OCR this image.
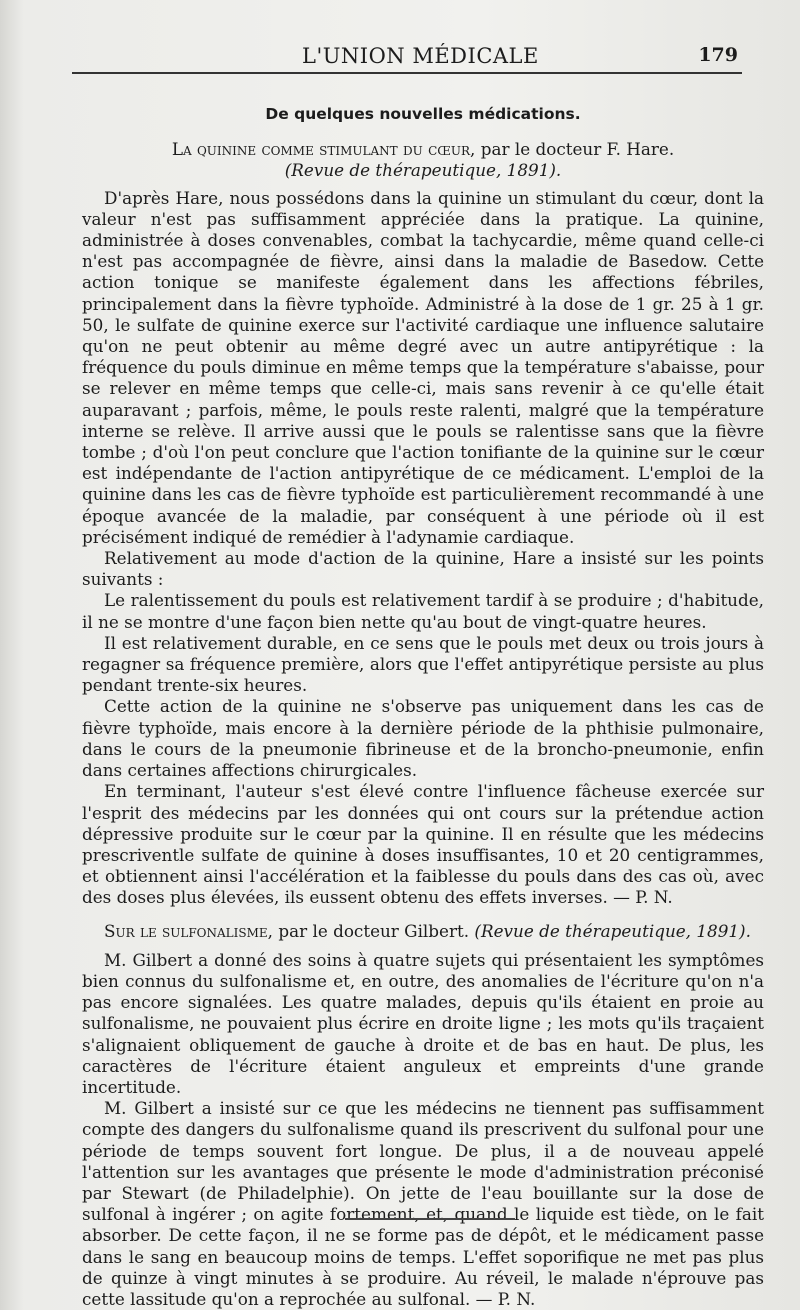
L'UNION MÉDICALE	179
De quelques nouvelles médications.
La quinine comme stimulant du cœur, par le docteur F. Hare.
(Revue de thérapeutique, 1891).

D'après Hare, nous possédons dans la quinine un stimulant du cœur, dont la valeur n'est pas suffisamment appréciée dans la pratique. La quinine, administrée à doses convenables, combat la tachycardie, même quand celle-ci n'est pas accompagnée de fièvre, ainsi dans la maladie de Basedow. Cette action tonique se manifeste également dans les affections fébriles, principalement dans la fièvre typhoïde. Administré à la dose de 1 gr. 25 à 1 gr. 50, le sulfate de quinine exerce sur l'activité cardiaque une influence salutaire qu'on ne peut obtenir au même degré avec un autre antipyrétique : la fréquence du pouls diminue en même temps que la température s'abaisse, pour se relever en même temps que celle-ci, mais sans revenir à ce qu'elle était auparavant ; parfois, même, le pouls reste ralenti, malgré que la température interne se relève. Il arrive aussi que le pouls se ralentisse sans que la fièvre tombe ; d'où l'on peut conclure que l'action tonifiante de la quinine sur le cœur est indépendante de l'action antipyrétique de ce médicament. L'emploi de la quinine dans les cas de fièvre typhoïde est particulièrement recommandé à une époque avancée de la maladie, par conséquent à une période où il est précisément indiqué de remédier à l'adynamie cardiaque.

Relativement au mode d'action de la quinine, Hare a insisté sur les points suivants :

Le ralentissement du pouls est relativement tardif à se produire ; d'habitude, il ne se montre d'une façon bien nette qu'au bout de vingt-quatre heures.

Il est relativement durable, en ce sens que le pouls met deux ou trois jours à regagner sa fréquence première, alors que l'effet antipyrétique persiste au plus pendant trente-six heures.

Cette action de la quinine ne s'observe pas uniquement dans les cas de fièvre typhoïde, mais encore à la dernière période de la phthisie pulmonaire, dans le cours de la pneumonie fibrineuse et de la broncho-pneumonie, enfin dans certaines affections chirurgicales.

En terminant, l'auteur s'est élevé contre l'influence fâcheuse exercée sur l'esprit des médecins par les données qui ont cours sur la prétendue action dépressive produite sur le cœur par la quinine. Il en résulte que les médecins prescriventle sulfate de quinine à doses insuffisantes, 10 et 20 centigrammes, et obtiennent ainsi l'accélération et la faiblesse du pouls dans des cas où, avec des doses plus élevées, ils eussent obtenu des effets inverses. — P. N.

Sur le sulfonalisme, par le docteur Gilbert. (Revue de thérapeutique, 1891).

M. Gilbert a donné des soins à quatre sujets qui présentaient les symptômes bien connus du sulfonalisme et, en outre, des anomalies de l'écriture qu'on n'a pas encore signalées. Les quatre malades, depuis qu'ils étaient en proie au sulfonalisme, ne pouvaient plus écrire en droite ligne ; les mots qu'ils traçaient s'alignaient obliquement de gauche à droite et de bas en haut. De plus, les caractères de l'écriture étaient anguleux et empreints d'une grande incertitude.

M. Gilbert a insisté sur ce que les médecins ne tiennent pas suffisamment compte des dangers du sulfonalisme quand ils prescrivent du sulfonal pour une période de temps souvent fort longue. De plus, il a de nouveau appelé l'attention sur les avantages que présente le mode d'administration préconisé par Stewart (de Philadelphie). On jette de l'eau bouillante sur la dose de sulfonal à ingérer ; on agite fortement, et, quand le liquide est tiède, on le fait absorber. De cette façon, il ne se forme pas de dépôt, et le médicament passe dans le sang en beaucoup moins de temps. L'effet soporifique ne met pas plus de quinze à vingt minutes à se produire. Au réveil, le malade n'éprouve pas cette lassitude qu'on a reprochée au sulfonal. — P. N.
